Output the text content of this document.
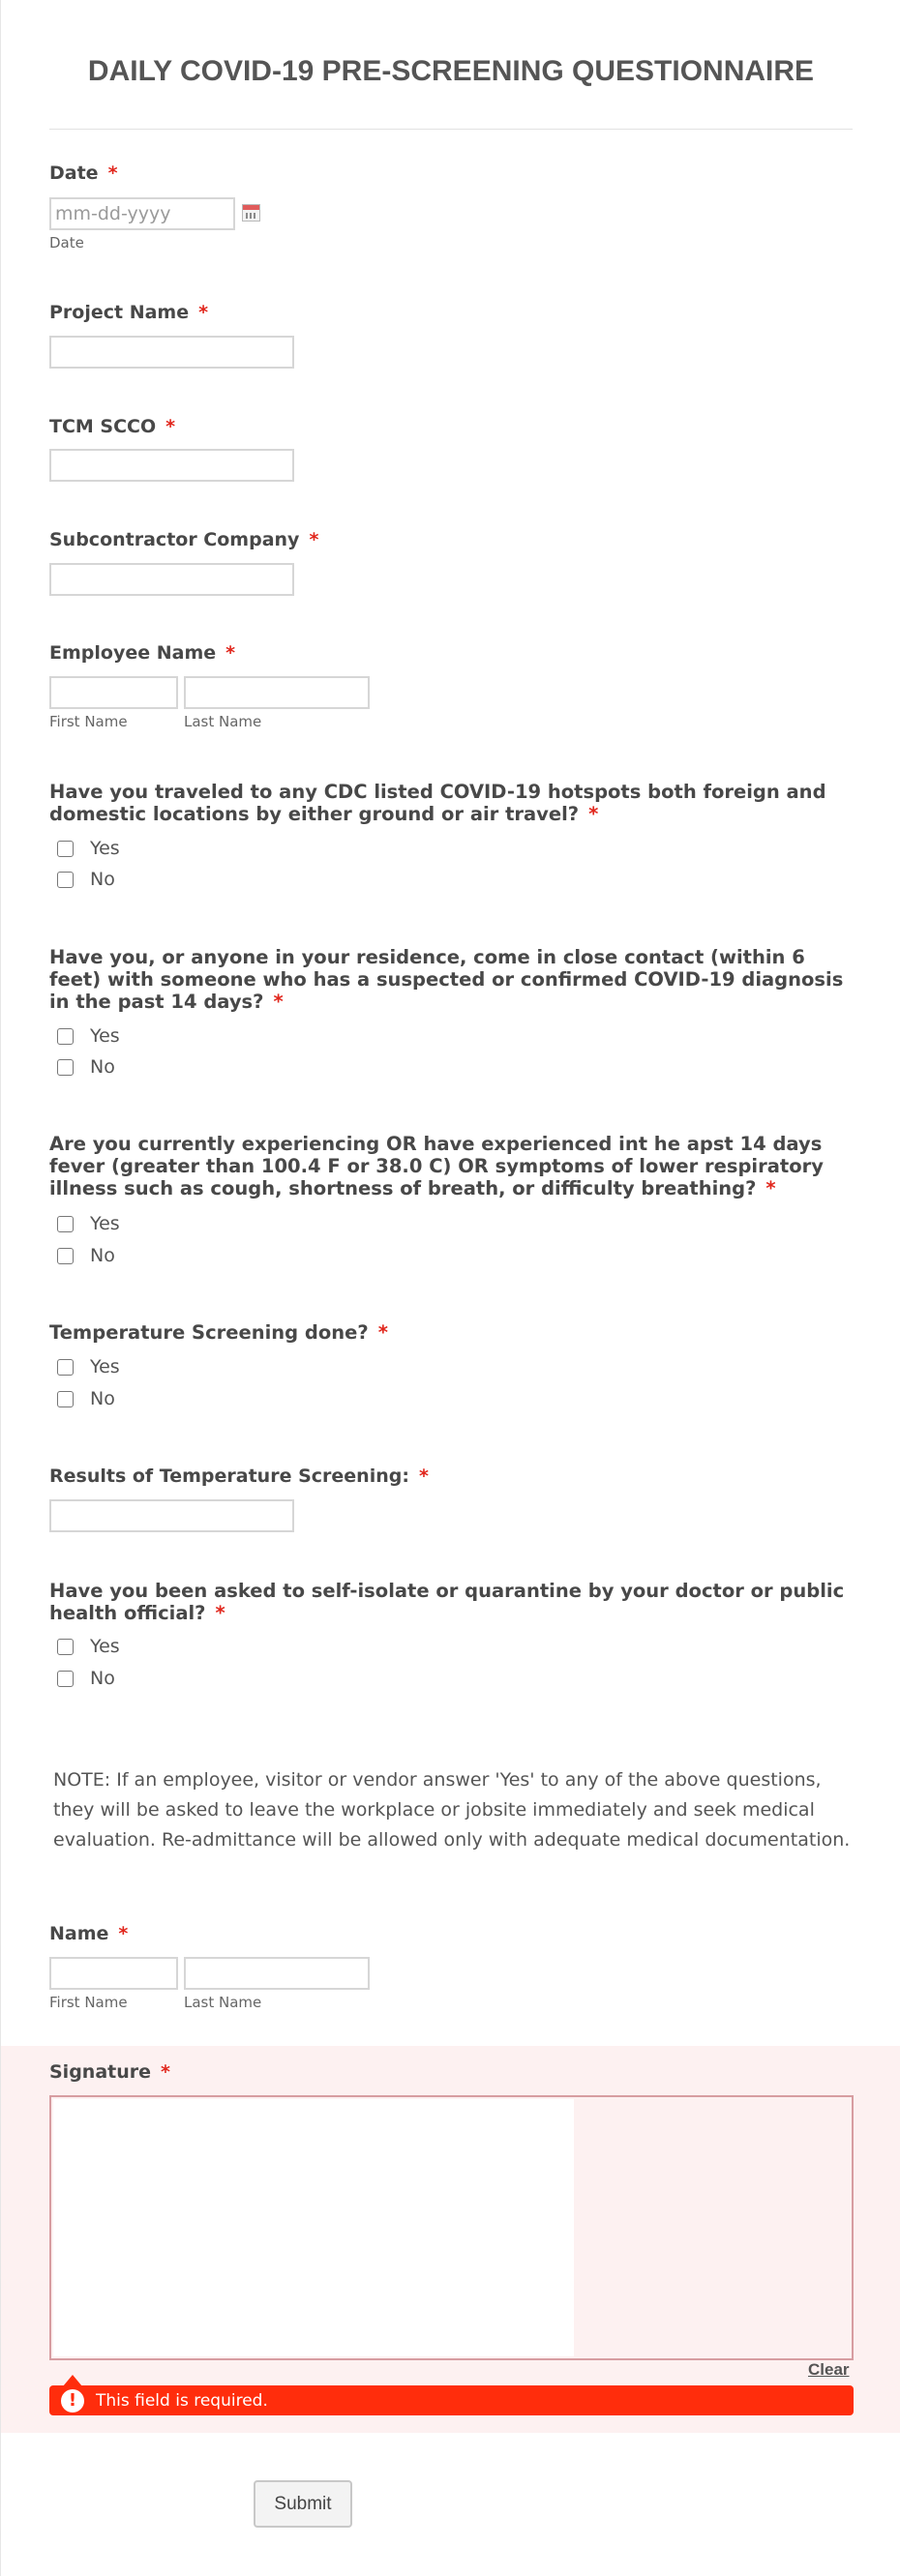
DAILY COVID-19 PRE-SCREENING QUESTIONNAIRE
Date *
mm-dd-yyyy
Date
Project Name *
TCM SCCO *
Subcontractor Company *
Employee Name *
First Name	Last Name
Have you traveled to any CDC listed COVID-19 hotspots both foreign and domestic locations by either ground or air travel? *
Yes
No
Have you, or anyone in your residence, come in close contact (within 6 feet) with someone who has a suspected or confirmed COVID-19 diagnosis in the past 14 days? *
Yes
No
Are you currently experiencing OR have experienced int he apst 14 days fever (greater than 100.4 F or 38.0 C) OR symptoms of lower respiratory illness such as cough, shortness of breath, or difficulty breathing? *
Yes
No
Temperature Screening done? *
Yes
No
Results of Temperature Screening: *
Have you been asked to self-isolate or quarantine by your doctor or public health official? *
Yes
No
NOTE: If an employee, visitor or vendor answer 'Yes' to any of the above questions, they will be asked to leave the workplace or jobsite immediately and seek medical evaluation. Re-admittance will be allowed only with adequate medical documentation.
Name *
First Name	Last Name
Signature *
Clear
!	This field is required.
Submit
